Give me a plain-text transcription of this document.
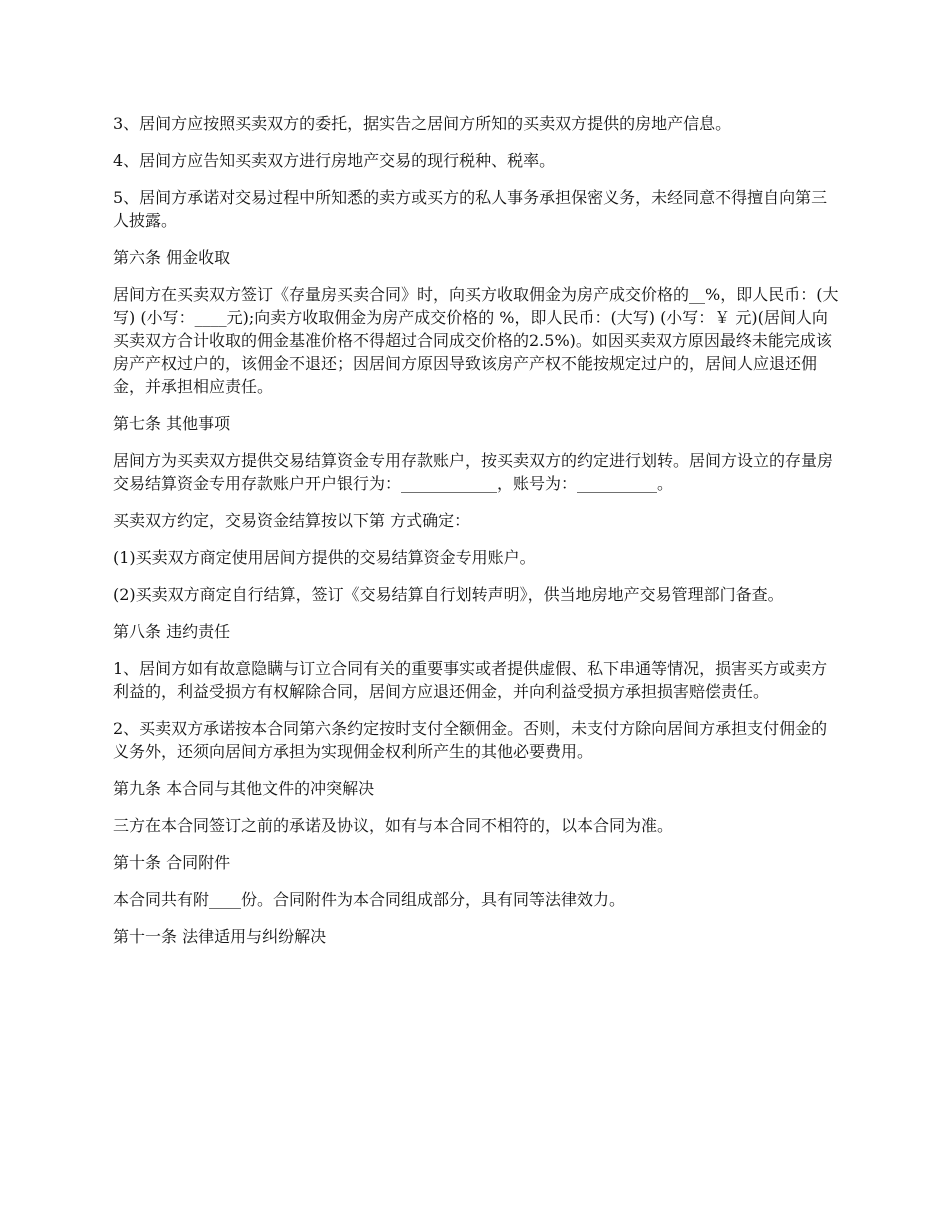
3、居间方应按照买卖双方的委托，据实告之居间方所知的买卖双方提供的房地产信息。

4、居间方应告知买卖双方进行房地产交易的现行税种、税率。

5、居间方承诺对交易过程中所知悉的卖方或买方的私人事务承担保密义务，未经同意不得擅自向第三人披露。

第六条 佣金收取

居间方在买卖双方签订《存量房买卖合同》时，向买方收取佣金为房产成交价格的__%，即人民币：(大写) (小写：____元);向卖方收取佣金为房产成交价格的 %，即人民币：(大写) (小写：￥ 元)(居间人向买卖双方合计收取的佣金基准价格不得超过合同成交价格的2.5%)。如因买卖双方原因最终未能完成该房产产权过户的，该佣金不退还；因居间方原因导致该房产产权不能按规定过户的，居间人应退还佣金，并承担相应责任。

第七条 其他事项

居间方为买卖双方提供交易结算资金专用存款账户，按买卖双方的约定进行划转。居间方设立的存量房交易结算资金专用存款账户开户银行为：____________，账号为：__________。

买卖双方约定，交易资金结算按以下第 方式确定：

(1)买卖双方商定使用居间方提供的交易结算资金专用账户。

(2)买卖双方商定自行结算，签订《交易结算自行划转声明》，供当地房地产交易管理部门备查。

第八条 违约责任

1、居间方如有故意隐瞒与订立合同有关的重要事实或者提供虚假、私下串通等情况，损害买方或卖方利益的，利益受损方有权解除合同，居间方应退还佣金，并向利益受损方承担损害赔偿责任。

2、买卖双方承诺按本合同第六条约定按时支付全额佣金。否则，未支付方除向居间方承担支付佣金的义务外，还须向居间方承担为实现佣金权利所产生的其他必要费用。

第九条 本合同与其他文件的冲突解决

三方在本合同签订之前的承诺及协议，如有与本合同不相符的，以本合同为准。

第十条 合同附件

本合同共有附____份。合同附件为本合同组成部分，具有同等法律效力。

第十一条 法律适用与纠纷解决
